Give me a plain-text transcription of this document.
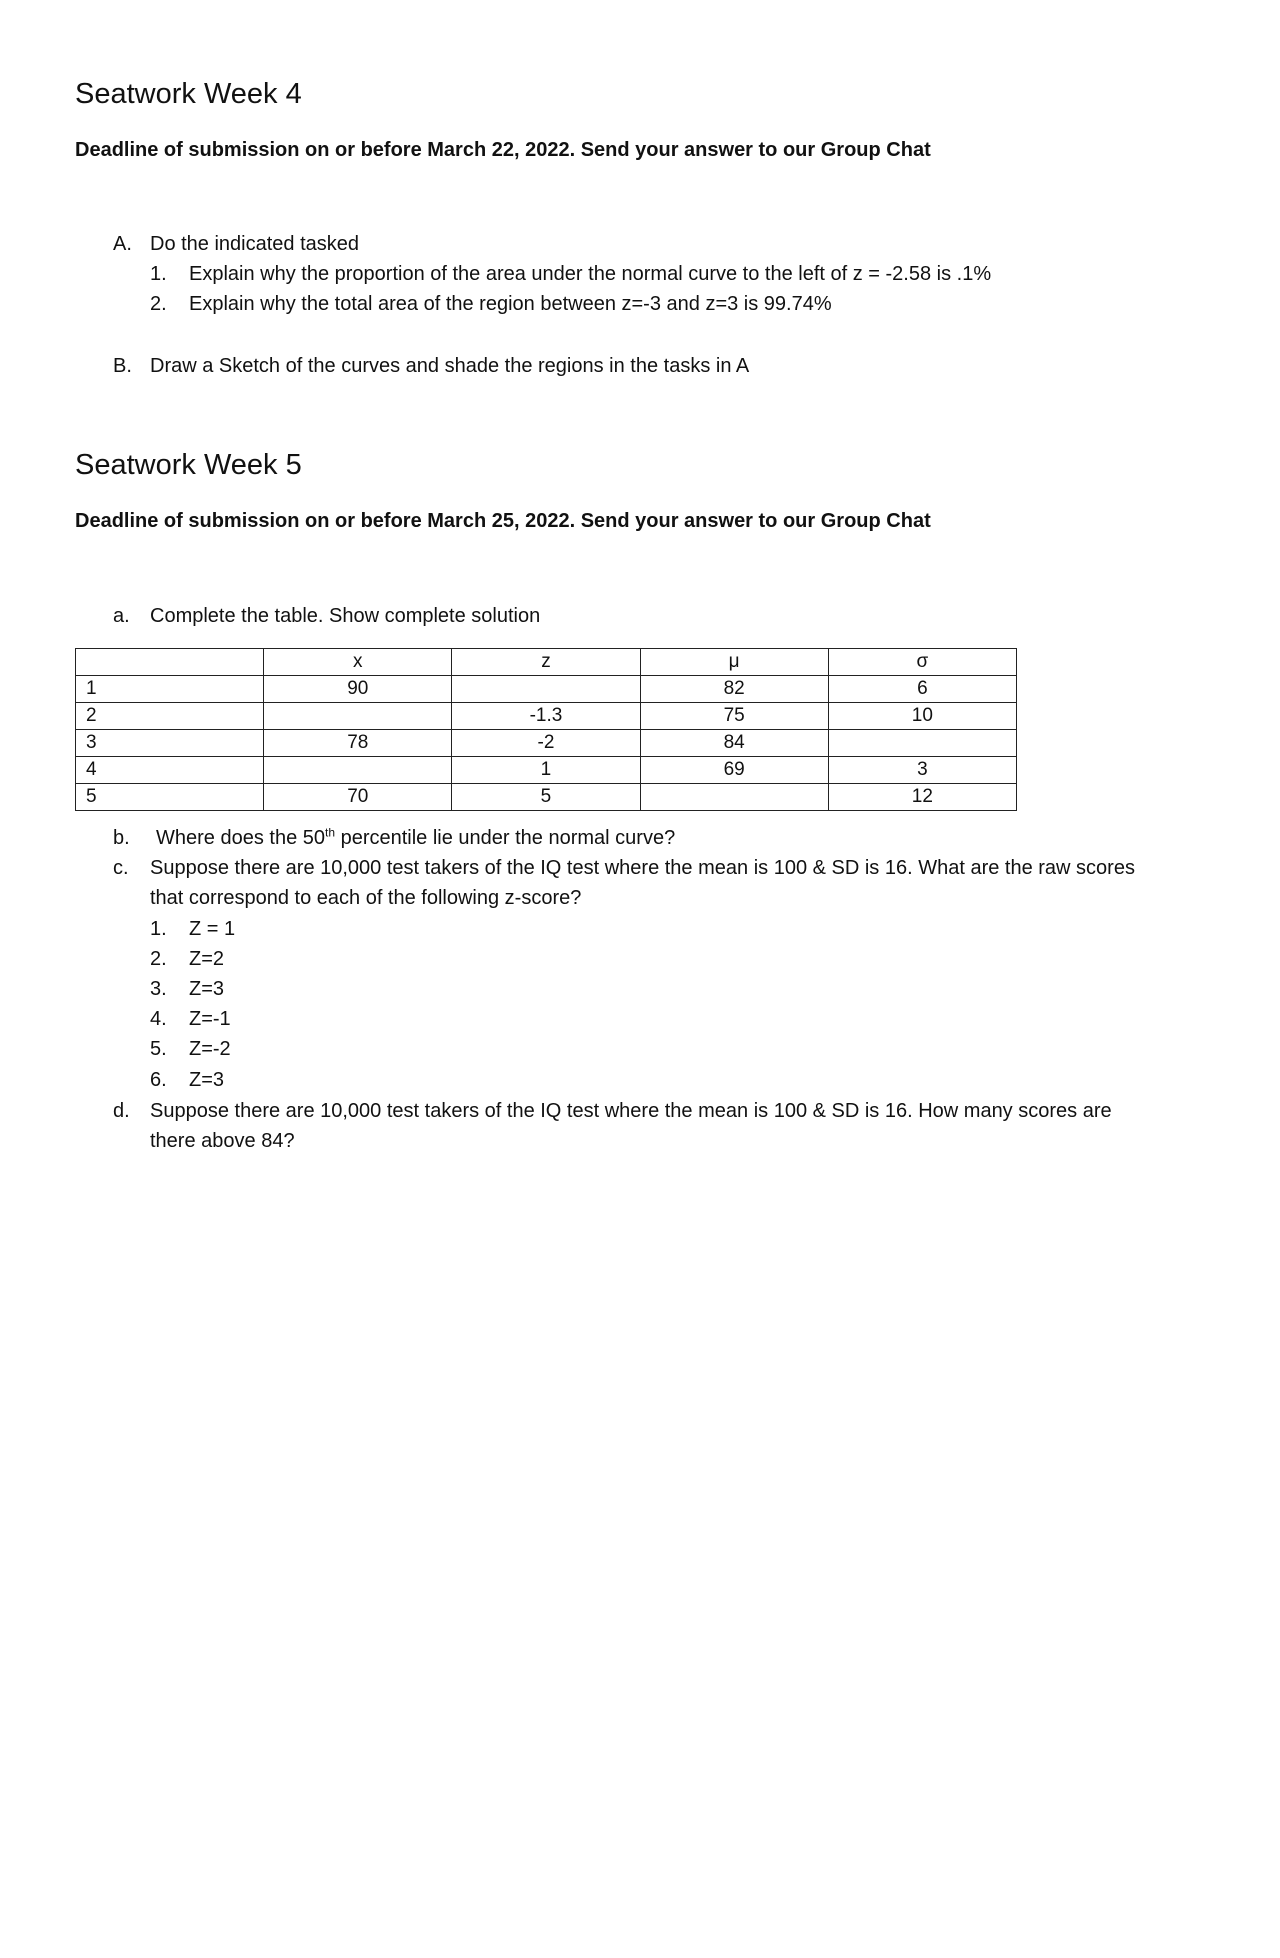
Seatwork Week 4
Deadline of submission on or before March 22, 2022. Send your answer to our Group Chat
A. Do the indicated tasked
1. Explain why the proportion of the area under the normal curve to the left of z = -2.58 is .1%
2. Explain why the total area of the region between z=-3 and z=3 is 99.74%
B. Draw a Sketch of the curves and shade the regions in the tasks in A
Seatwork Week 5
Deadline of submission on or before March 25, 2022. Send your answer to our Group Chat
a. Complete the table. Show complete solution
	x	z	μ	σ
1	90		82	6
2		-1.3	75	10
3	78	-2	84	
4		1	69	3
5	70	5		12
b. Where does the 50th percentile lie under the normal curve?
c. Suppose there are 10,000 test takers of the IQ test where the mean is 100 & SD is 16. What are the raw scores
that correspond to each of the following z-score?
1. Z = 1
2. Z=2
3. Z=3
4. Z=-1
5. Z=-2
6. Z=3
d. Suppose there are 10,000 test takers of the IQ test where the mean is 100 & SD is 16. How many scores are
there above 84?
